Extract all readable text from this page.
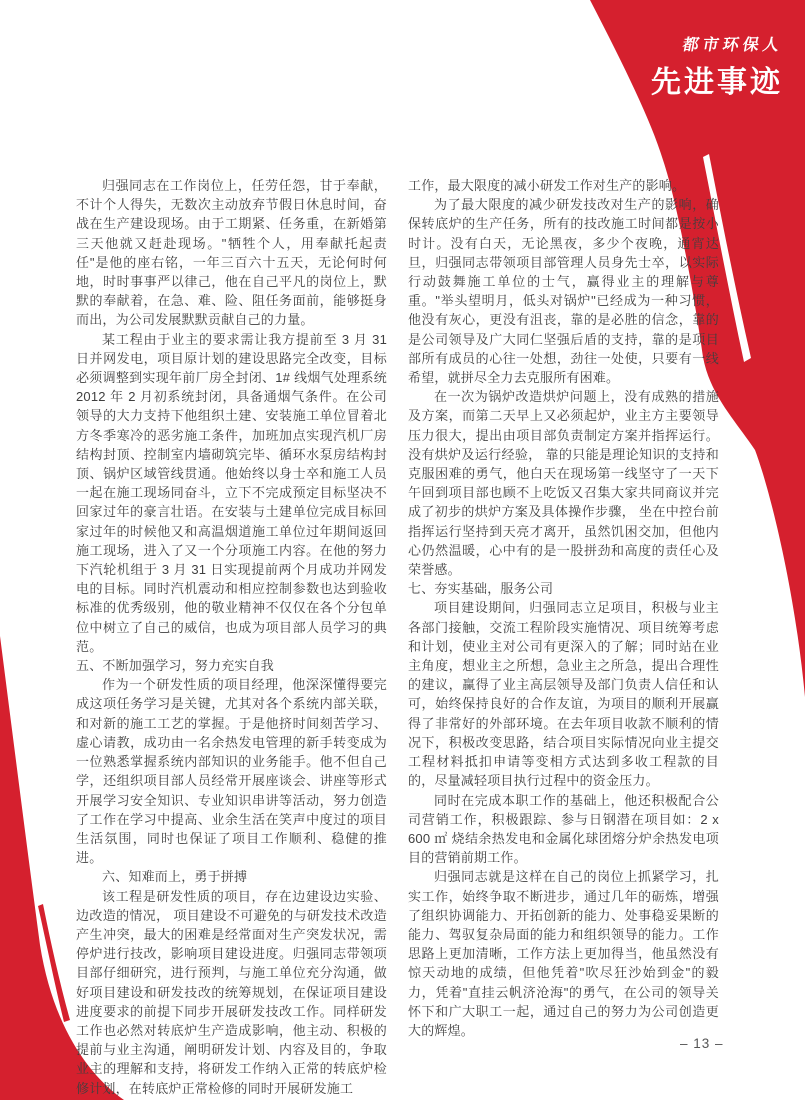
都市环保人
先进事迹

归强同志在工作岗位上，任劳任怨，甘于奉献，不计个人得失，无数次主动放弃节假日休息时间，奋战在生产建设现场。由于工期紧、任务重，在新婚第三天他就又赶赴现场。"牺牲个人，用奉献托起责任"是他的座右铭，一年三百六十五天，无论何时何地，时时事事严以律己，他在自己平凡的岗位上，默默的奉献着，在急、难、险、阻任务面前，能够挺身而出，为公司发展默默贡献自己的力量。

某工程由于业主的要求需让我方提前至 3 月 31 日并网发电，项目原计划的建设思路完全改变，目标必须调整到实现年前厂房全封闭、1# 线烟气处理系统 2012 年 2 月初系统封闭，具备通烟气条件。在公司领导的大力支持下他组织土建、安装施工单位冒着北方冬季寒冷的恶劣施工条件，加班加点实现汽机厂房结构封顶、控制室内墙砌筑完毕、循环水泵房结构封顶、锅炉区域管线贯通。他始终以身士卒和施工人员一起在施工现场同奋斗，立下不完成预定目标坚决不回家过年的豪言壮语。在安装与土建单位完成目标回家过年的时候他又和高温烟道施工单位过年期间返回施工现场，进入了又一个分项施工内容。在他的努力下汽轮机组于 3 月 31 日实现提前两个月成功并网发电的目标。同时汽机震动和相应控制参数也达到验收标准的优秀级别，他的敬业精神不仅仅在各个分包单位中树立了自己的威信，也成为项目部人员学习的典范。

五、不断加强学习，努力充实自我

作为一个研发性质的项目经理，他深深懂得要完成这项任务学习是关键，尤其对各个系统内部关联，和对新的施工工艺的掌握。于是他挤时间刻苦学习、虚心请教，成功由一名余热发电管理的新手转变成为一位熟悉掌握系统内部知识的业务能手。他不但自己学，还组织项目部人员经常开展座谈会、讲座等形式开展学习安全知识、专业知识串讲等活动，努力创造了工作在学习中提高、业余生活在笑声中度过的项目生活氛围，同时也保证了项目工作顺利、稳健的推进。

六、知难而上，勇于拼搏

该工程是研发性质的项目，存在边建设边实验、边改造的情况， 项目建设不可避免的与研发技术改造产生冲突，最大的困难是经常面对生产突发状况，需停炉进行技改，影响项目建设进度。归强同志带领项目部仔细研究，进行预判，与施工单位充分沟通，做好项目建设和研发技改的统筹规划，在保证项目建设进度要求的前提下同步开展研发技改工作。同样研发工作也必然对转底炉生产造成影响，他主动、积极的提前与业主沟通，阐明研发计划、内容及目的，争取业主的理解和支持，将研发工作纳入正常的转底炉检修计划，在转底炉正常检修的同时开展研发施工

工作，最大限度的减小研发工作对生产的影响。

为了最大限度的减少研发技改对生产的影响，确保转底炉的生产任务，所有的技改施工时间都是按小时计。没有白天，无论黑夜，多少个夜晚，通宵达旦，归强同志带领项目部管理人员身先士卒，以实际行动鼓舞施工单位的士气，赢得业主的理解与尊重。"举头望明月，低头对锅炉"已经成为一种习惯，他没有灰心，更没有沮丧，靠的是必胜的信念，靠的是公司领导及广大同仁坚强后盾的支持，靠的是项目部所有成员的心往一处想，劲往一处使，只要有一线希望，就拼尽全力去克服所有困难。

在一次为锅炉改造烘炉问题上，没有成熟的措施及方案，而第二天早上又必须起炉，业主方主要领导压力很大，提出由项目部负责制定方案并指挥运行。没有烘炉及运行经验， 靠的只能是理论知识的支持和克服困难的勇气，他白天在现场第一线坚守了一天下午回到项目部也顾不上吃饭又召集大家共同商议并完成了初步的烘炉方案及具体操作步骤， 坐在中控台前指挥运行坚持到天亮才离开，虽然饥困交加，但他内心仍然温暖，心中有的是一股拼劲和高度的责任心及荣誉感。

七、夯实基础，服务公司

项目建设期间，归强同志立足项目，积极与业主各部门接触，交流工程阶段实施情况、项目统筹考虑和计划，使业主对公司有更深入的了解；同时站在业主角度，想业主之所想，急业主之所急，提出合理性的建议，赢得了业主高层领导及部门负责人信任和认可，始终保持良好的合作友谊，为项目的顺利开展赢得了非常好的外部环境。在去年项目收款不顺利的情况下，积极改变思路，结合项目实际情况向业主提交工程材料抵扣申请等变相方式达到多收工程款的目的，尽量减轻项目执行过程中的资金压力。

同时在完成本职工作的基础上，他还积极配合公司营销工作，积极跟踪、参与日钢潜在项目如：2 x 600 ㎡ 烧结余热发电和金属化球团熔分炉余热发电项目的营销前期工作。

归强同志就是这样在自己的岗位上抓紧学习，扎实工作，始终争取不断进步，通过几年的砺炼，增强了组织协调能力、开拓创新的能力、处事稳妥果断的能力、驾驭复杂局面的能力和组织领导的能力。工作思路上更加清晰，工作方法上更加得当，他虽然没有惊天动地的成绩，但他凭着"吹尽狂沙始到金"的毅力，凭着"直挂云帆济沧海"的勇气，在公司的领导关怀下和广大职工一起，通过自己的努力为公司创造更大的辉煌。

– 13 –
